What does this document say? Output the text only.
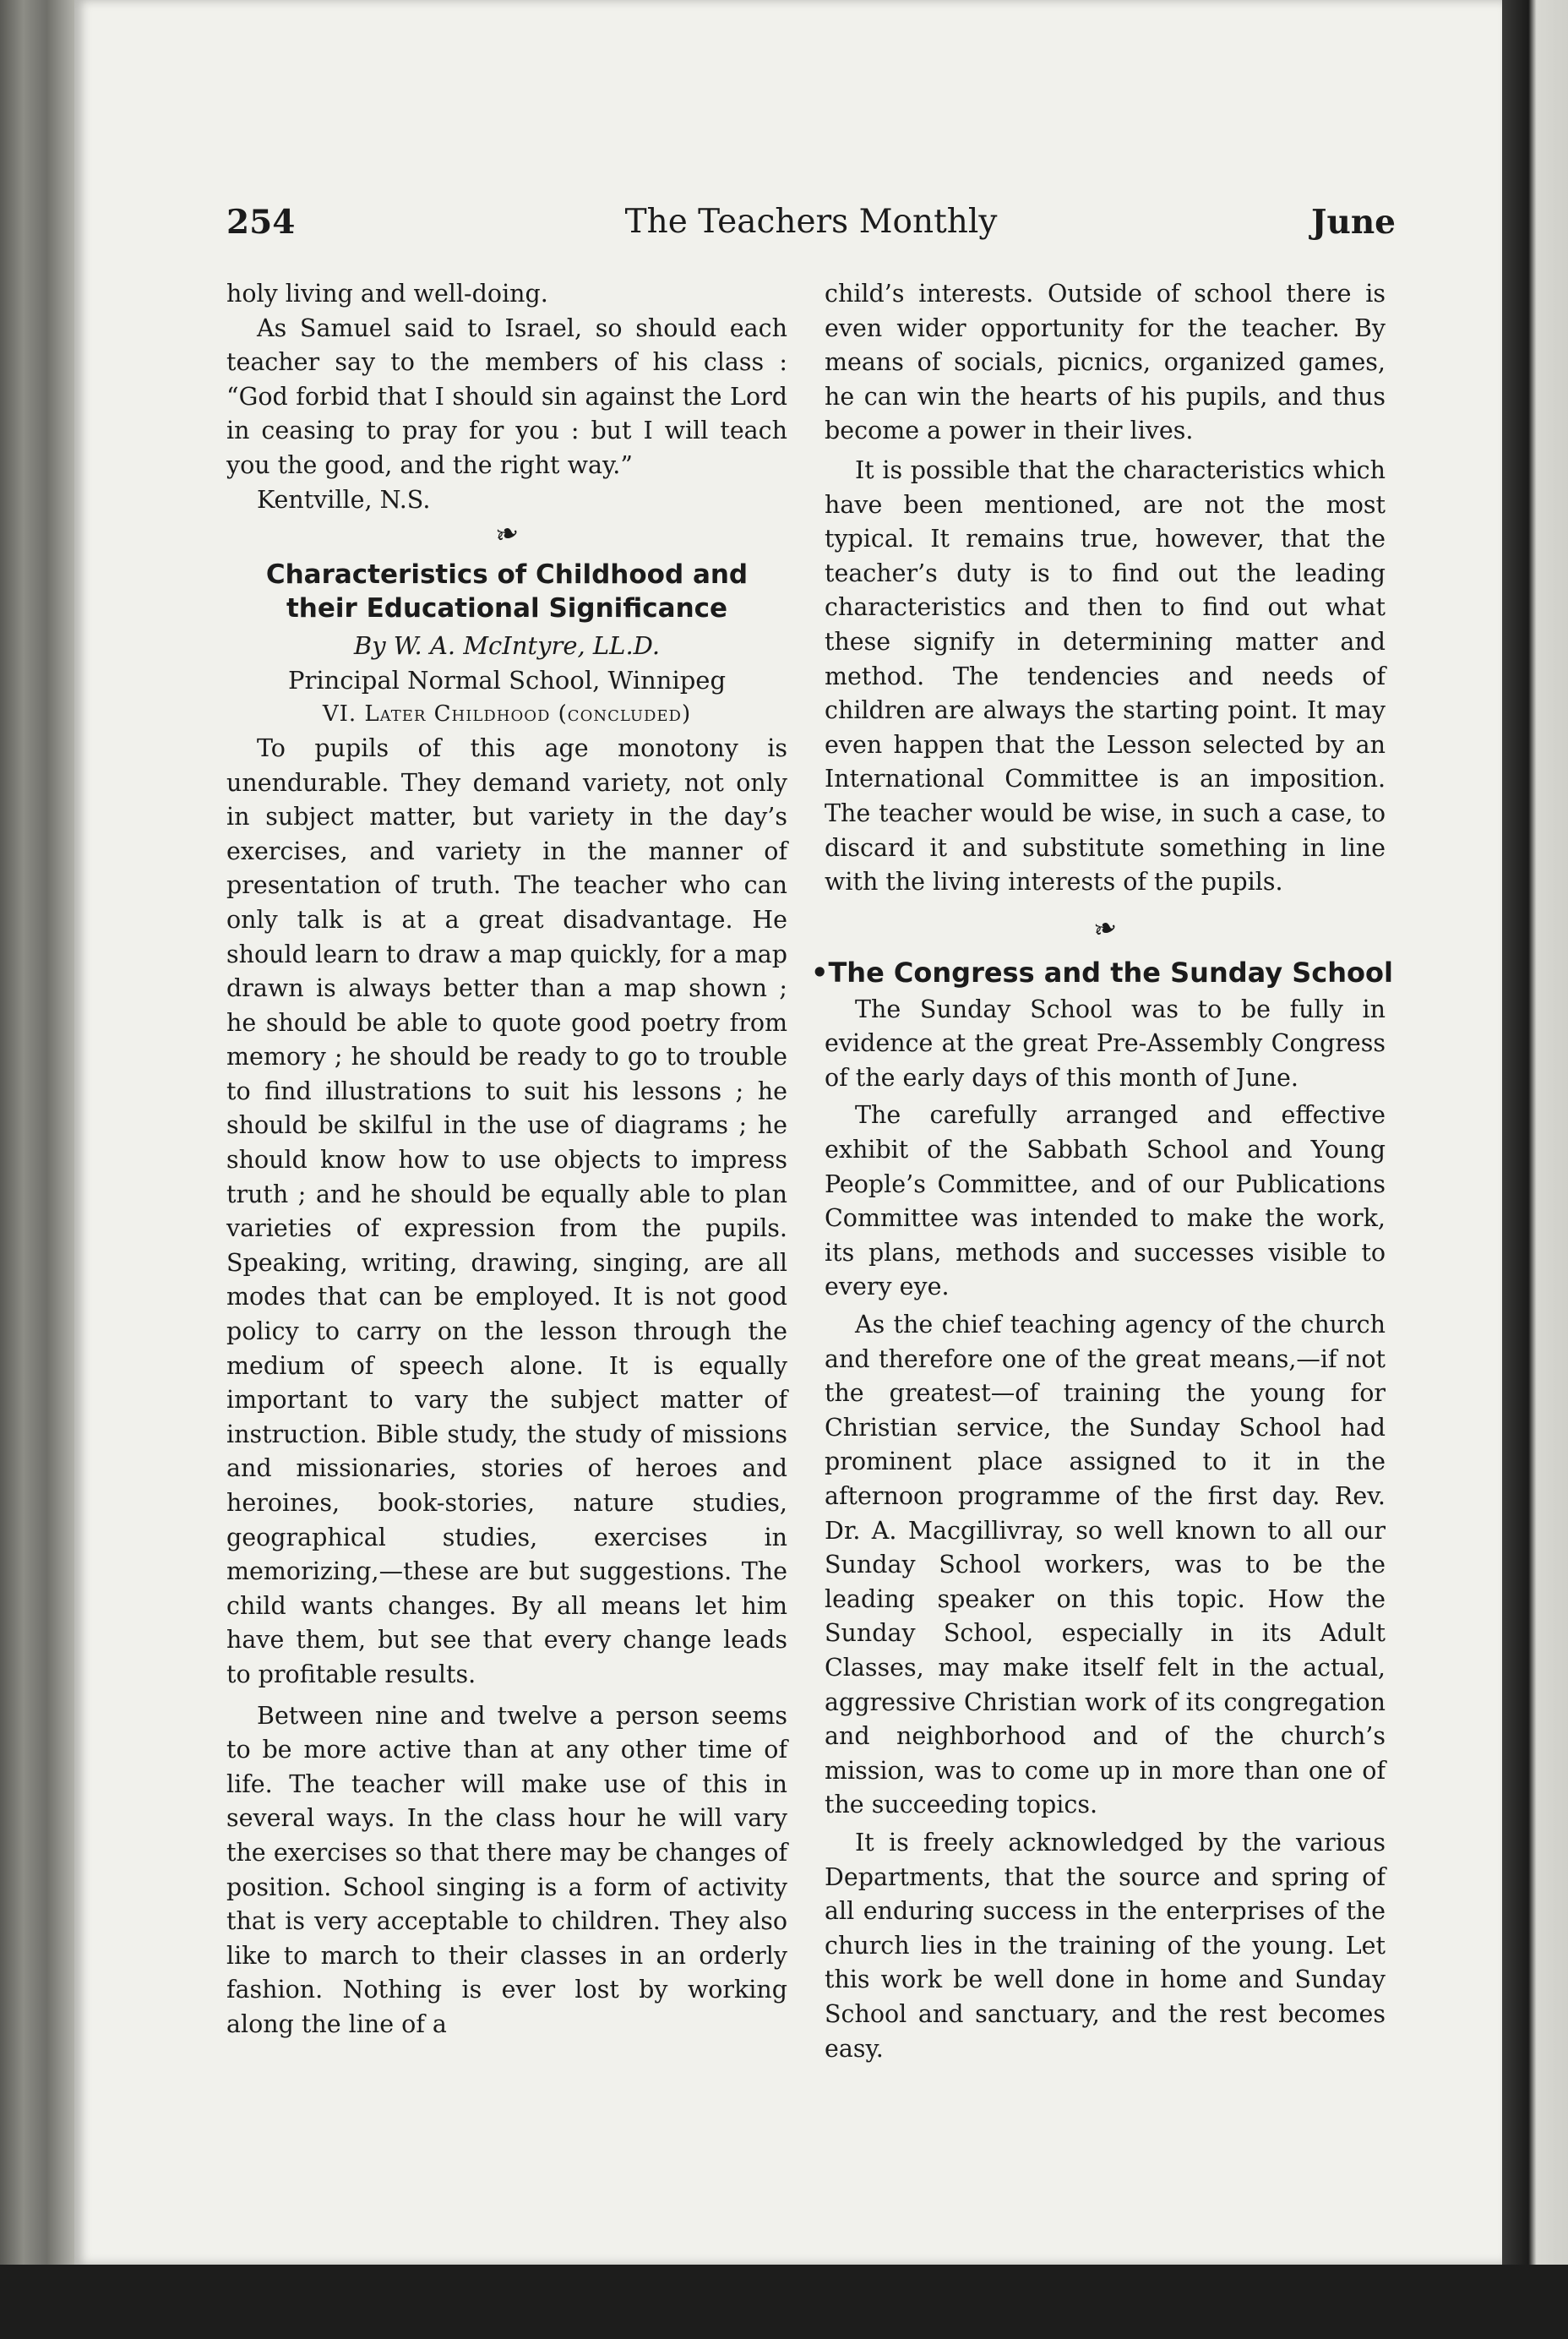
254	The Teachers Monthly	June

holy living and well-doing.

As Samuel said to Israel, so should each teacher say to the members of his class : “God forbid that I should sin against the Lord in ceasing to pray for you : but I will teach you the good, and the right way.”

Kentville, N.S.

❧
Characteristics of Childhood and their Educational Significance
By W. A. McIntyre, LL.D.
Principal Normal School, Winnipeg
VI. Later Childhood (concluded)

To pupils of this age monotony is unendurable. They demand variety, not only in subject matter, but variety in the day’s exercises, and variety in the manner of presentation of truth. The teacher who can only talk is at a great disadvantage. He should learn to draw a map quickly, for a map drawn is always better than a map shown ; he should be able to quote good poetry from memory ; he should be ready to go to trouble to find illustrations to suit his lessons ; he should be skilful in the use of diagrams ; he should know how to use objects to impress truth ; and he should be equally able to plan varieties of expression from the pupils. Speaking, writing, drawing, singing, are all modes that can be employed. It is not good policy to carry on the lesson through the medium of speech alone. It is equally important to vary the subject matter of instruction. Bible study, the study of missions and missionaries, stories of heroes and heroines, book-stories, nature studies, geographical studies, exercises in memorizing,—these are but suggestions. The child wants changes. By all means let him have them, but see that every change leads to profitable results.

Between nine and twelve a person seems to be more active than at any other time of life. The teacher will make use of this in several ways. In the class hour he will vary the exercises so that there may be changes of position. School singing is a form of activity that is very acceptable to children. They also like to march to their classes in an orderly fashion. Nothing is ever lost by working along the line of a

child’s interests. Outside of school there is even wider opportunity for the teacher. By means of socials, picnics, organized games, he can win the hearts of his pupils, and thus become a power in their lives.

It is possible that the characteristics which have been mentioned, are not the most typical. It remains true, however, that the teacher’s duty is to find out the leading characteristics and then to find out what these signify in determining matter and method. The tendencies and needs of children are always the starting point. It may even happen that the Lesson selected by an International Committee is an imposition. The teacher would be wise, in such a case, to discard it and substitute something in line with the living interests of the pupils.

❧
•The Congress and the Sunday School

The Sunday School was to be fully in evidence at the great Pre-Assembly Congress of the early days of this month of June.

The carefully arranged and effective exhibit of the Sabbath School and Young People’s Committee, and of our Publications Committee was intended to make the work, its plans, methods and successes visible to every eye.

As the chief teaching agency of the church and therefore one of the great means,—if not the greatest—of training the young for Christian service, the Sunday School had prominent place assigned to it in the afternoon programme of the first day. Rev. Dr. A. Macgillivray, so well known to all our Sunday School workers, was to be the leading speaker on this topic. How the Sunday School, especially in its Adult Classes, may make itself felt in the actual, aggressive Christian work of its congregation and neighborhood and of the church’s mission, was to come up in more than one of the succeeding topics.

It is freely acknowledged by the various Departments, that the source and spring of all enduring success in the enterprises of the church lies in the training of the young. Let this work be well done in home and Sunday School and sanctuary, and the rest becomes easy.
